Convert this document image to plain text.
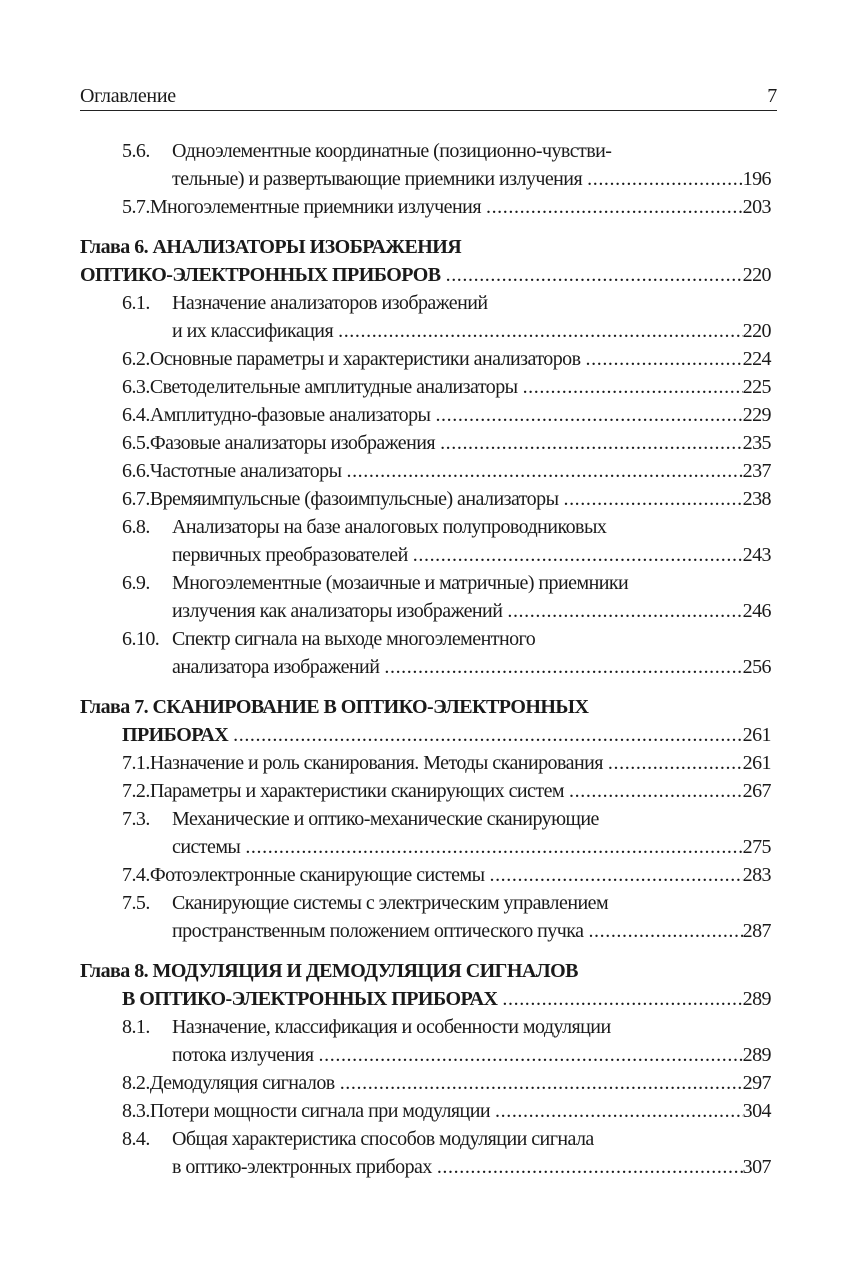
Оглавление	7
5.6.	Одноэлементные координатные (позиционно-чувстви-
тельные) и развертывающие приемники излучения .....	196
5.7. Многоэлементные приемники излучения .....	203
Глава 6. АНАЛИЗАТОРЫ ИЗОБРАЖЕНИЯ
ОПТИКО-ЭЛЕКТРОННЫХ ПРИБОРОВ .....	220
6.1.	Назначение анализаторов изображений
и их классификация .....	220
6.2. Основные параметры и характеристики анализаторов .....	224
6.3. Светоделительные амплитудные анализаторы .....	225
6.4. Амплитудно-фазовые анализаторы .....	229
6.5. Фазовые анализаторы изображения .....	235
6.6. Частотные анализаторы .....	237
6.7. Времяимпульсные (фазоимпульсные) анализаторы .....	238
6.8.	Анализаторы на базе аналоговых полупроводниковых
первичных преобразователей .....	243
6.9.	Многоэлементные (мозаичные и матричные) приемники
излучения как анализаторы изображений .....	246
6.10. Спектр сигнала на выходе многоэлементного
анализатора изображений .....	256
Глава 7. СКАНИРОВАНИЕ В ОПТИКО-ЭЛЕКТРОННЫХ
ПРИБОРАХ .....	261
7.1. Назначение и роль сканирования. Методы сканирования .....	261
7.2. Параметры и характеристики сканирующих систем .....	267
7.3.	Механические и оптико-механические сканирующие
системы .....	275
7.4. Фотоэлектронные сканирующие системы .....	283
7.5.	Сканирующие системы с электрическим управлением
пространственным положением оптического пучка .....	287
Глава 8. МОДУЛЯЦИЯ И ДЕМОДУЛЯЦИЯ СИГНАЛОВ
В ОПТИКО-ЭЛЕКТРОННЫХ ПРИБОРАХ .....	289
8.1.	Назначение, классификация и особенности модуляции
потока излучения .....	289
8.2. Демодуляция сигналов .....	297
8.3. Потери мощности сигнала при модуляции .....	304
8.4.	Общая характеристика способов модуляции сигнала
в оптико-электронных приборах .....	307
